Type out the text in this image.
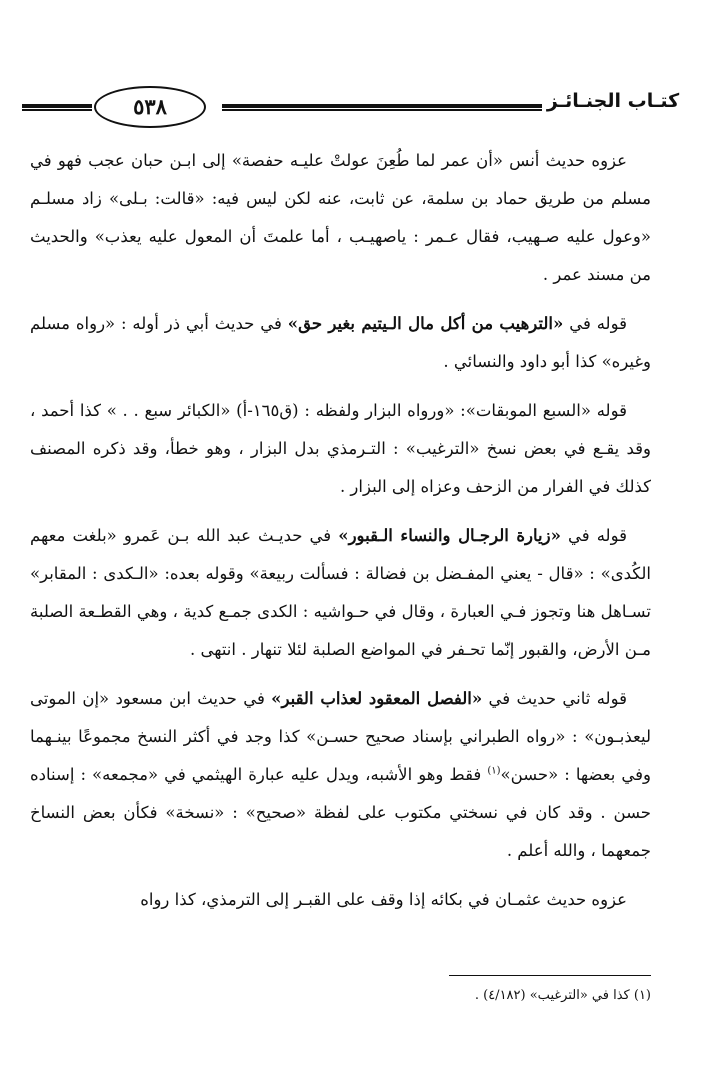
كتـاب الجنـائـز
٥٣٨

عزوه حديث أنس «أن عمر لما طُعِنَ عولتْ عليـه حفصة» إلى ابـن حبان عجب فهو في مسلم من طريق حماد بن سلمة، عن ثابت، عنه لكن ليس فيه: «قالت: بـلى» زاد مسلـم «وعول عليه صـهيب، فقال عـمر : ياصهيـب ، أما علمتَ أن المعول عليه يعذب» والحديث من مسند عمر .

قوله في «الترهيب من أكل مال الـيتيم بغير حق» في حديث أبي ذر أوله : «رواه مسلم وغيره» كذا أبو داود والنسائي .

قوله «السبع الموبقات»: «ورواه البزار ولفظه : (ق١٦٥-أ) «الكبائر سبع . . » كذا أحمد ، وقد يقـع في بعض نسخ «الترغيب» : التـرمذي بدل البزار ، وهو خطأ، وقد ذكره المصنف كذلك في الفرار من الزحف وعزاه إلى البزار .

قوله في «زيارة الرجـال والنساء الـقبور» في حديـث عبد الله بـن عَمرو «بلغت معهم الكُدى» : «قال - يعني المفـضل بن فضالة : فسألت ربيعة» وقوله بعده: «الـكدى : المقابر» تسـاهل هنا وتجوز فـي العبارة ، وقال في حـواشيه : الكدى جمـع كدية ، وهي القطـعة الصلبة مـن الأرض، والقبور إنّما تحـفر في المواضع الصلبة لئلا تنهار . انتهى .

قوله ثاني حديث في «الفصل المعقود لعذاب القبر» في حديث ابن مسعود «إن الموتى ليعذبـون» : «رواه الطبراني بإسناد صحيح حسـن» كذا وجد في أكثر النسخ مجموعًا بينـهما وفي بعضها : «حسن»$^{(١)}$ فقط وهو الأشبه، ويدل عليه عبارة الهيثمي في «مجمعه» : إسناده حسن . وقد كان في نسختي مكتوب على لفظة «صحيح» : «نسخة» فكأن بعض النساخ جمعهما ، والله أعلم .

عزوه حديث عثمـان في بكائه إذا وقف على القبـر إلى الترمذي، كذا رواه

(١) كذا في «الترغيب» (٤/١٨٢) .
